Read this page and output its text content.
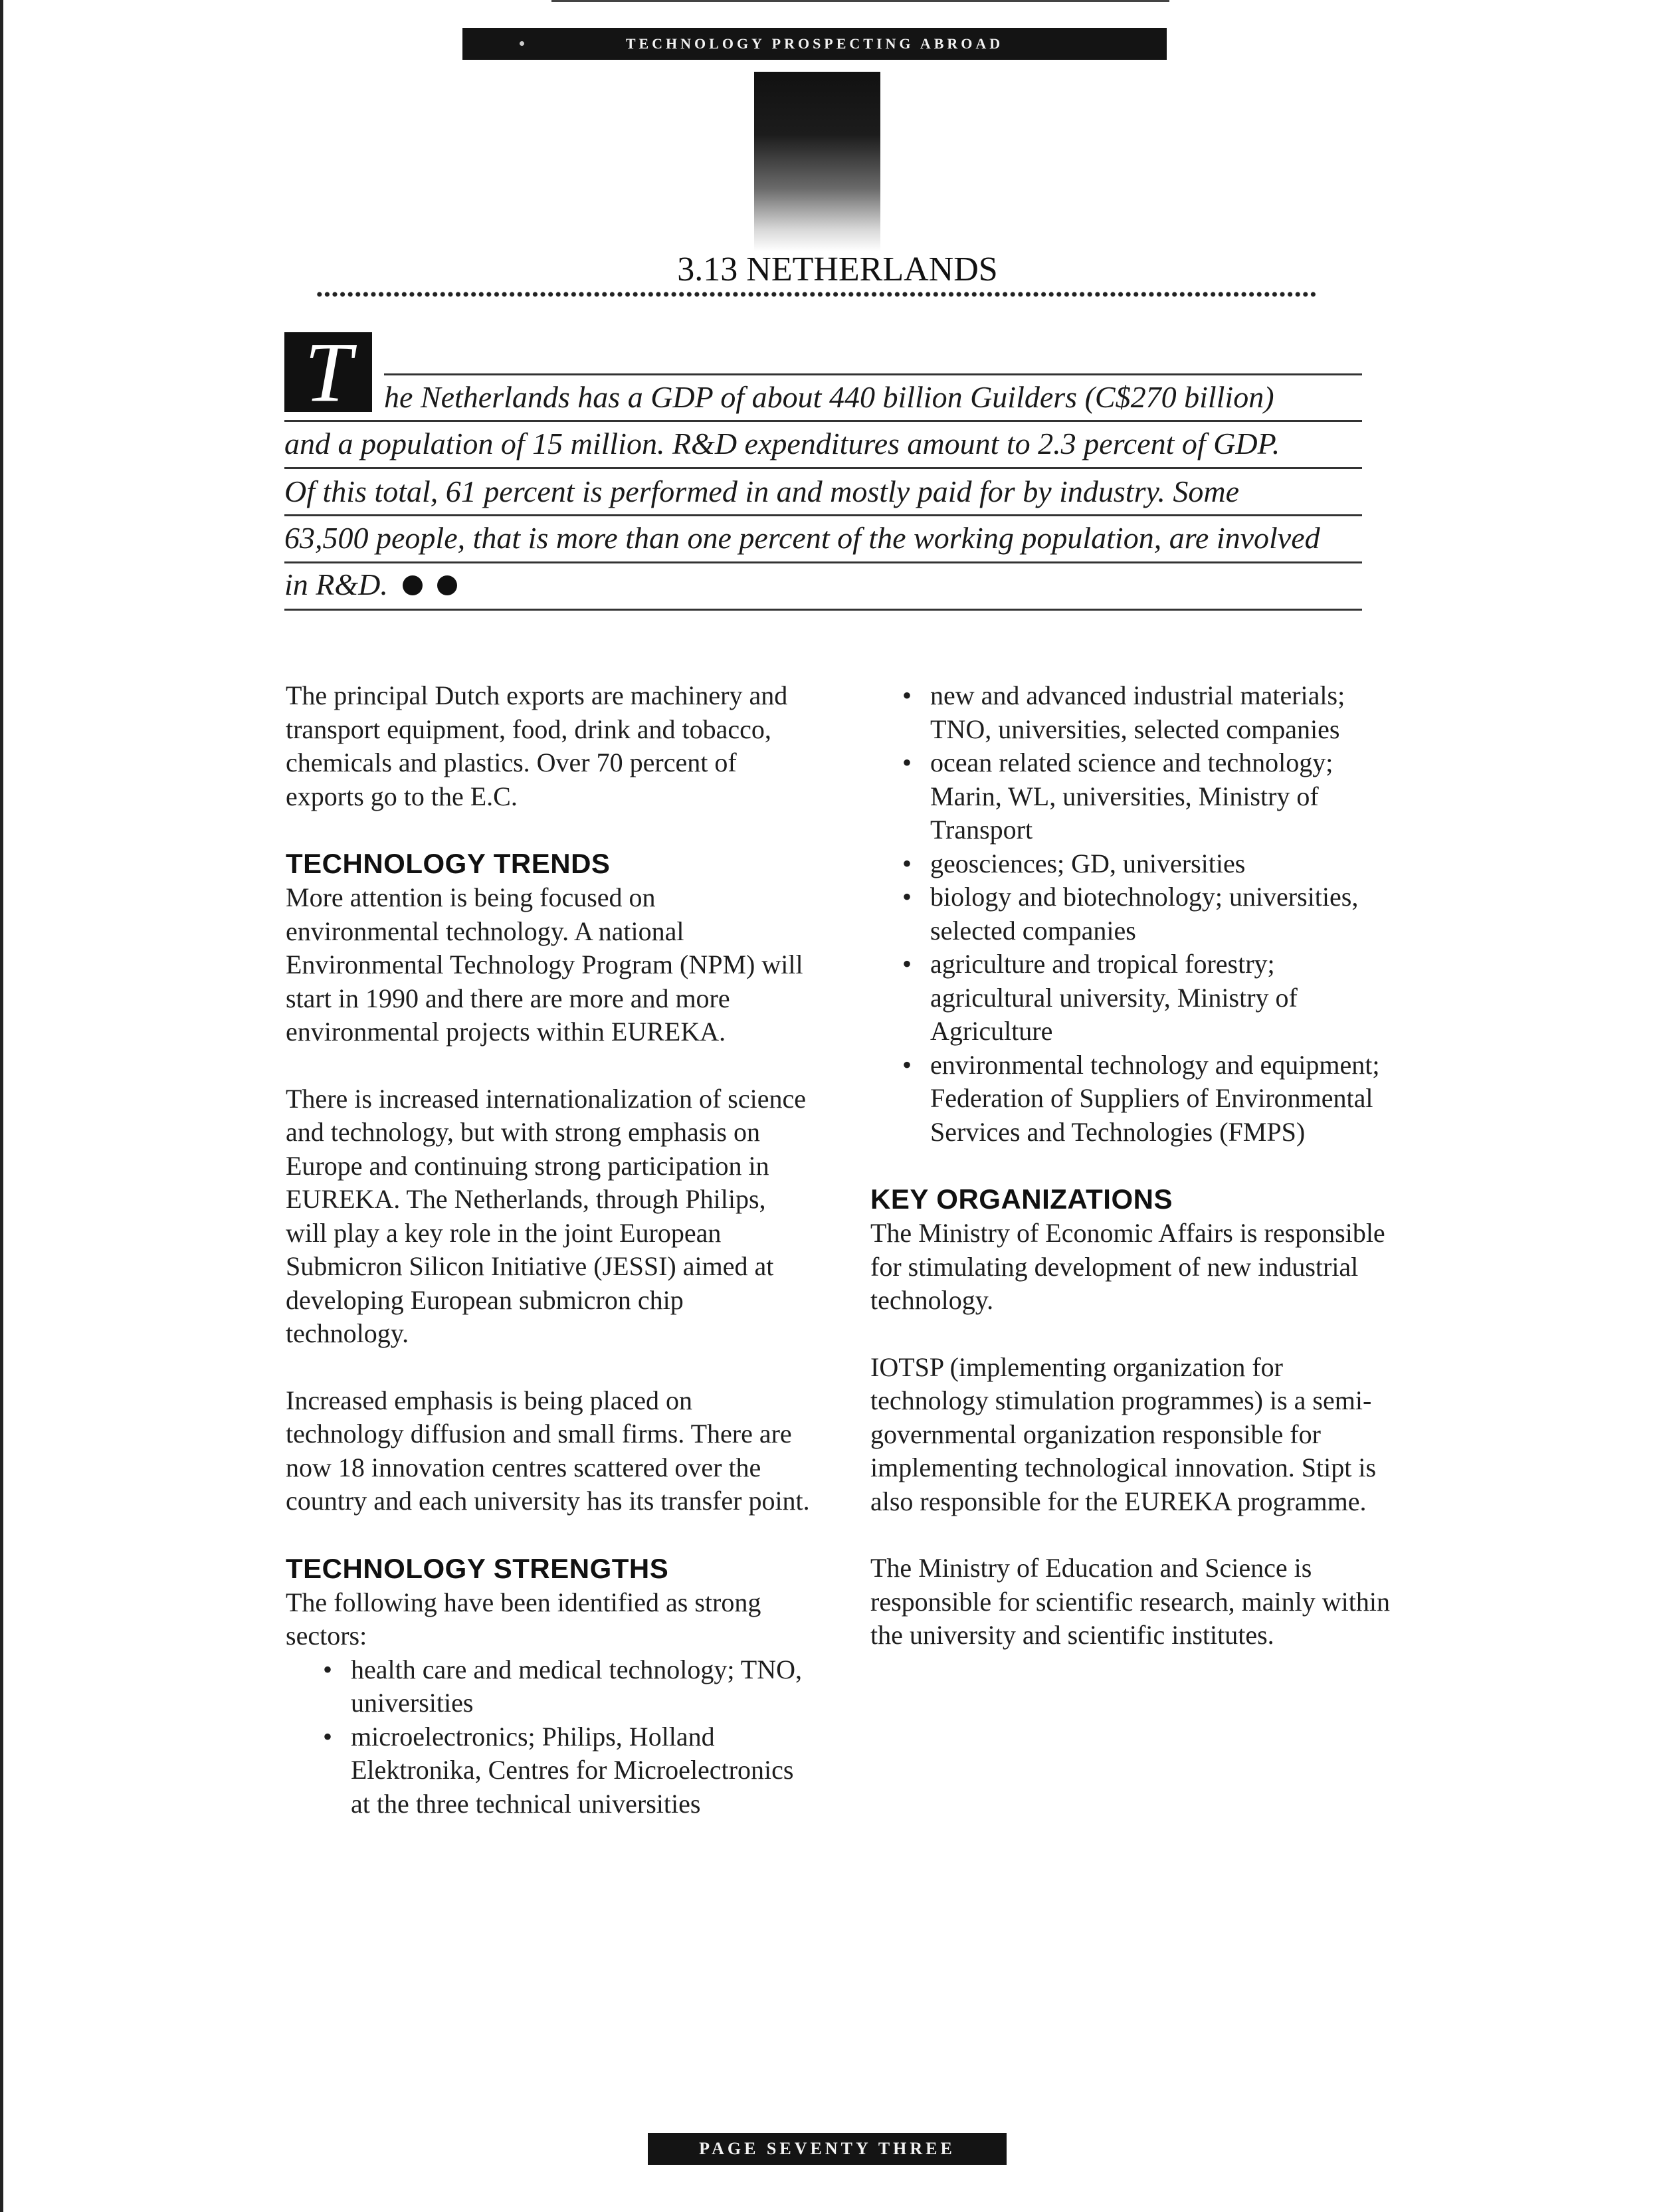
TECHNOLOGY PROSPECTING ABROAD
3.13 NETHERLANDS
T	he Netherlands has a GDP of about 440 billion Guilders (C$270 billion)
and a population of 15 million. R&D expenditures amount to 2.3 percent of GDP.
Of this total, 61 percent is performed in and mostly paid for by industry. Some
63,500 people, that is more than one percent of the working population, are involved
in R&D.

The principal Dutch exports are machinery and transport equipment, food, drink and tobacco, chemicals and plastics. Over 70 percent of exports go to the E.C.

TECHNOLOGY TRENDS

More attention is being focused on environmental technology. A national Environmental Technology Program (NPM) will start in 1990 and there are more and more environmental projects within EUREKA.

There is increased internationalization of science and technology, but with strong emphasis on Europe and continuing strong participation in EUREKA. The Netherlands, through Philips, will play a key role in the joint European Submicron Silicon Initiative (JESSI) aimed at developing European submicron chip technology.

Increased emphasis is being placed on technology diffusion and small firms. There are now 18 innovation centres scattered over the country and each university has its transfer point.

TECHNOLOGY STRENGTHS

The following have been identified as strong sectors:

• health care and medical technology; TNO, universities
• microelectronics; Philips, Holland Elektronika, Centres for Microelectronics at the three technical universities
• new and advanced industrial materials; TNO, universities, selected companies
• ocean related science and technology; Marin, WL, universities, Ministry of Transport
• geosciences; GD, universities
• biology and biotechnology; universities, selected companies
• agriculture and tropical forestry; agricultural university, Ministry of Agriculture
• environmental technology and equipment; Federation of Suppliers of Environmental Services and Technologies (FMPS)
KEY ORGANIZATIONS

The Ministry of Economic Affairs is responsible for stimulating development of new industrial technology.

IOTSP (implementing organization for technology stimulation programmes) is a semi-governmental organization responsible for implementing technological innovation. Stipt is also responsible for the EUREKA programme.

The Ministry of Education and Science is responsible for scientific research, mainly within the university and scientific institutes.

PAGE SEVENTY THREE
